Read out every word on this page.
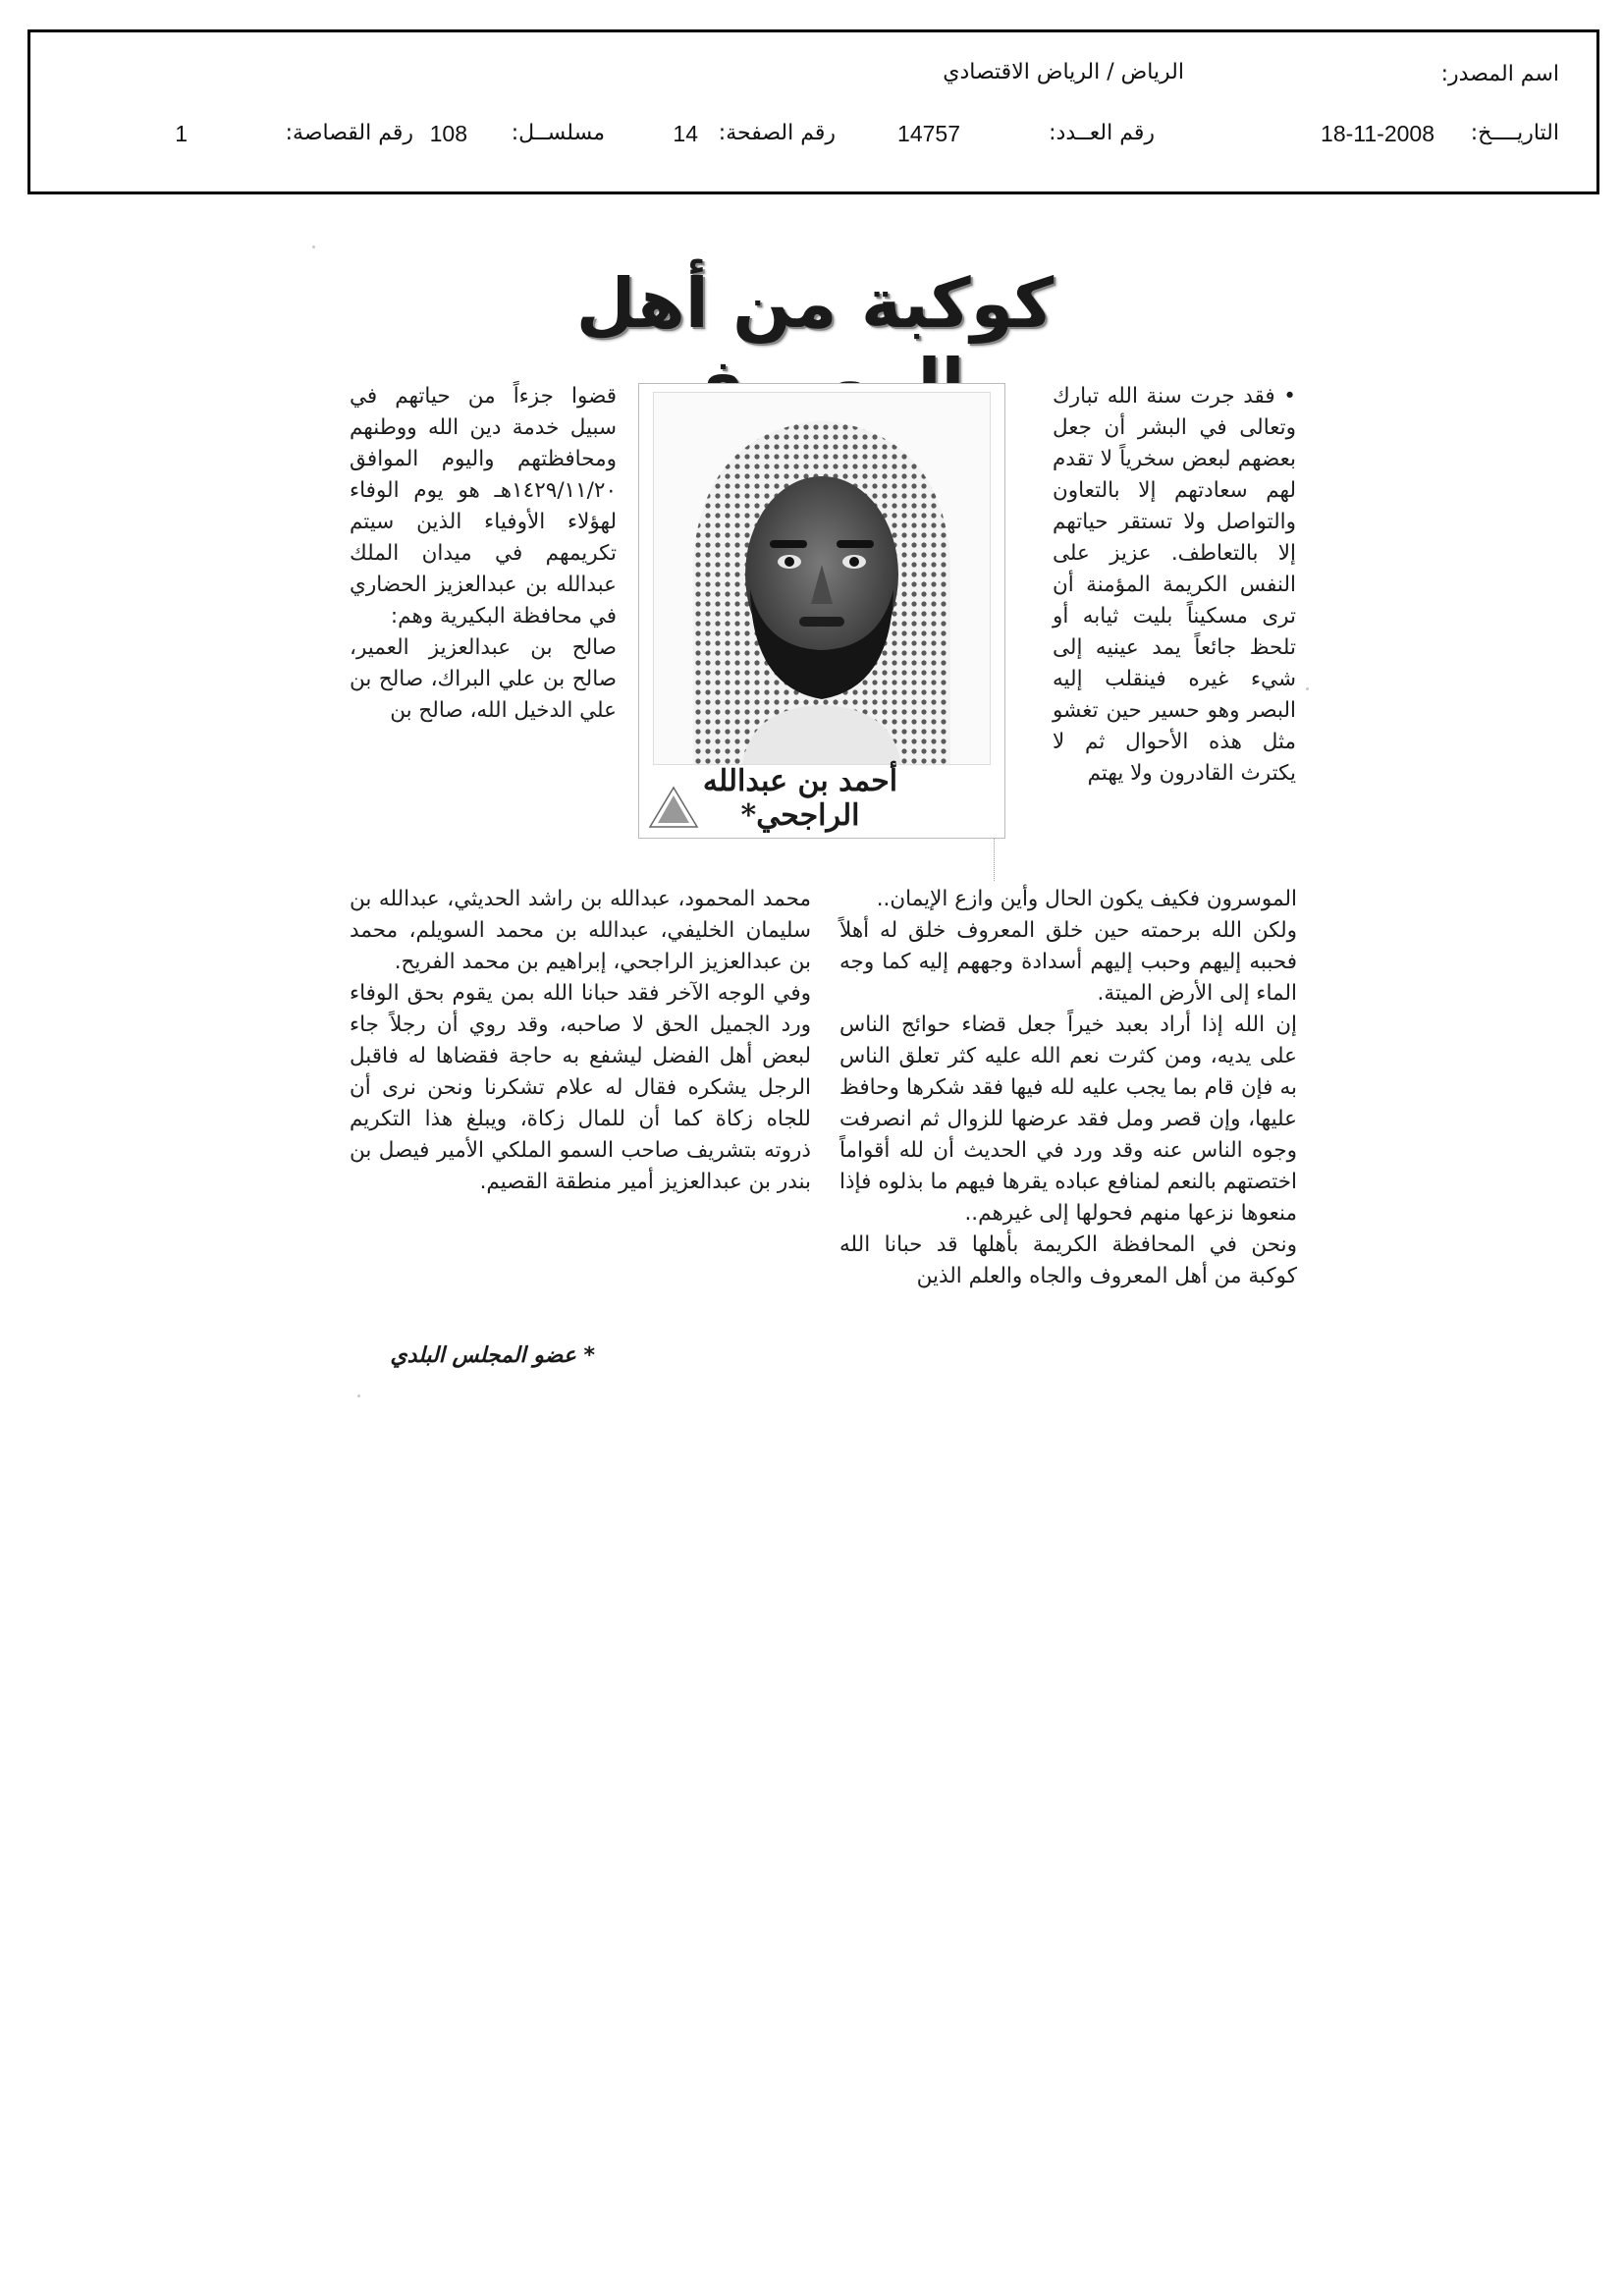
اسم المصدر:
الرياض / الرياض الاقتصادي
التاريــــخ:
18-11-2008
رقم العــدد:
14757
رقم الصفحة:
14
مسلســل:
108
رقم القصاصة:
1
كوكبة من أهل

• فقد جرت سنة الله تبارك وتعالى في البشر أن جعل بعضهم لبعض سخرياً لا تقدم لهم سعادتهم إلا بالتعاون والتواصل ولا تستقر حياتهم إلا بالتعاطف. عزيز على النفس الكريمة المؤمنة أن ترى مسكيناً بليت ثيابه أو تلحظ جائعاً يمد عينيه إلى شيء غيره فينقلب إليه البصر وهو حسير حين تغشو مثل هذه الأحوال ثم لا يكترث القادرون ولا يهتم

أحمد بن عبدالله الراجحي*

قضوا جزءاً من حياتهم في سبيل خدمة دين الله ووطنهم ومحافظتهم واليوم الموافق ١٤٢٩/١١/٢٠هـ هو يوم الوفاء لهؤلاء الأوفياء الذين سيتم تكريمهم في ميدان الملك عبدالله بن عبدالعزيز الحضاري في محافظة البكيرية وهم:

صالح بن عبدالعزيز العمير، صالح بن علي البراك، صالح بن علي الدخيل الله، صالح بن

الموسرون فكيف يكون الحال وأين وازع الإيمان..

ولكن الله برحمته حين خلق المعروف خلق له أهلاً فحببه إليهم وحبب إليهم أسدادة وجههم إليه كما وجه الماء إلى الأرض الميتة.

إن الله إذا أراد بعبد خيراً جعل قضاء حوائج الناس على يديه، ومن كثرت نعم الله عليه كثر تعلق الناس به فإن قام بما يجب عليه لله فيها فقد شكرها وحافظ عليها، وإن قصر ومل فقد عرضها للزوال ثم انصرفت وجوه الناس عنه وقد ورد في الحديث أن لله أقواماً اختصتهم بالنعم لمنافع عباده يقرها فيهم ما بذلوه فإذا منعوها نزعها منهم فحولها إلى غيرهم..

ونحن في المحافظة الكريمة بأهلها قد حبانا الله كوكبة من أهل المعروف والجاه والعلم الذين

محمد المحمود، عبدالله بن راشد الحديثي، عبدالله بن سليمان الخليفي، عبدالله بن محمد السويلم، محمد بن عبدالعزيز الراجحي، إبراهيم بن محمد الفريح.

وفي الوجه الآخر فقد حبانا الله بمن يقوم بحق الوفاء ورد الجميل الحق لا صاحبه، وقد روي أن رجلاً جاء لبعض أهل الفضل ليشفع به حاجة فقضاها له فاقبل الرجل يشكره فقال له علام تشكرنا ونحن نرى أن للجاه زكاة كما أن للمال زكاة، ويبلغ هذا التكريم ذروته بتشريف صاحب السمو الملكي الأمير فيصل بن بندر بن عبدالعزيز أمير منطقة القصيم.

* عضو المجلس البلدي
